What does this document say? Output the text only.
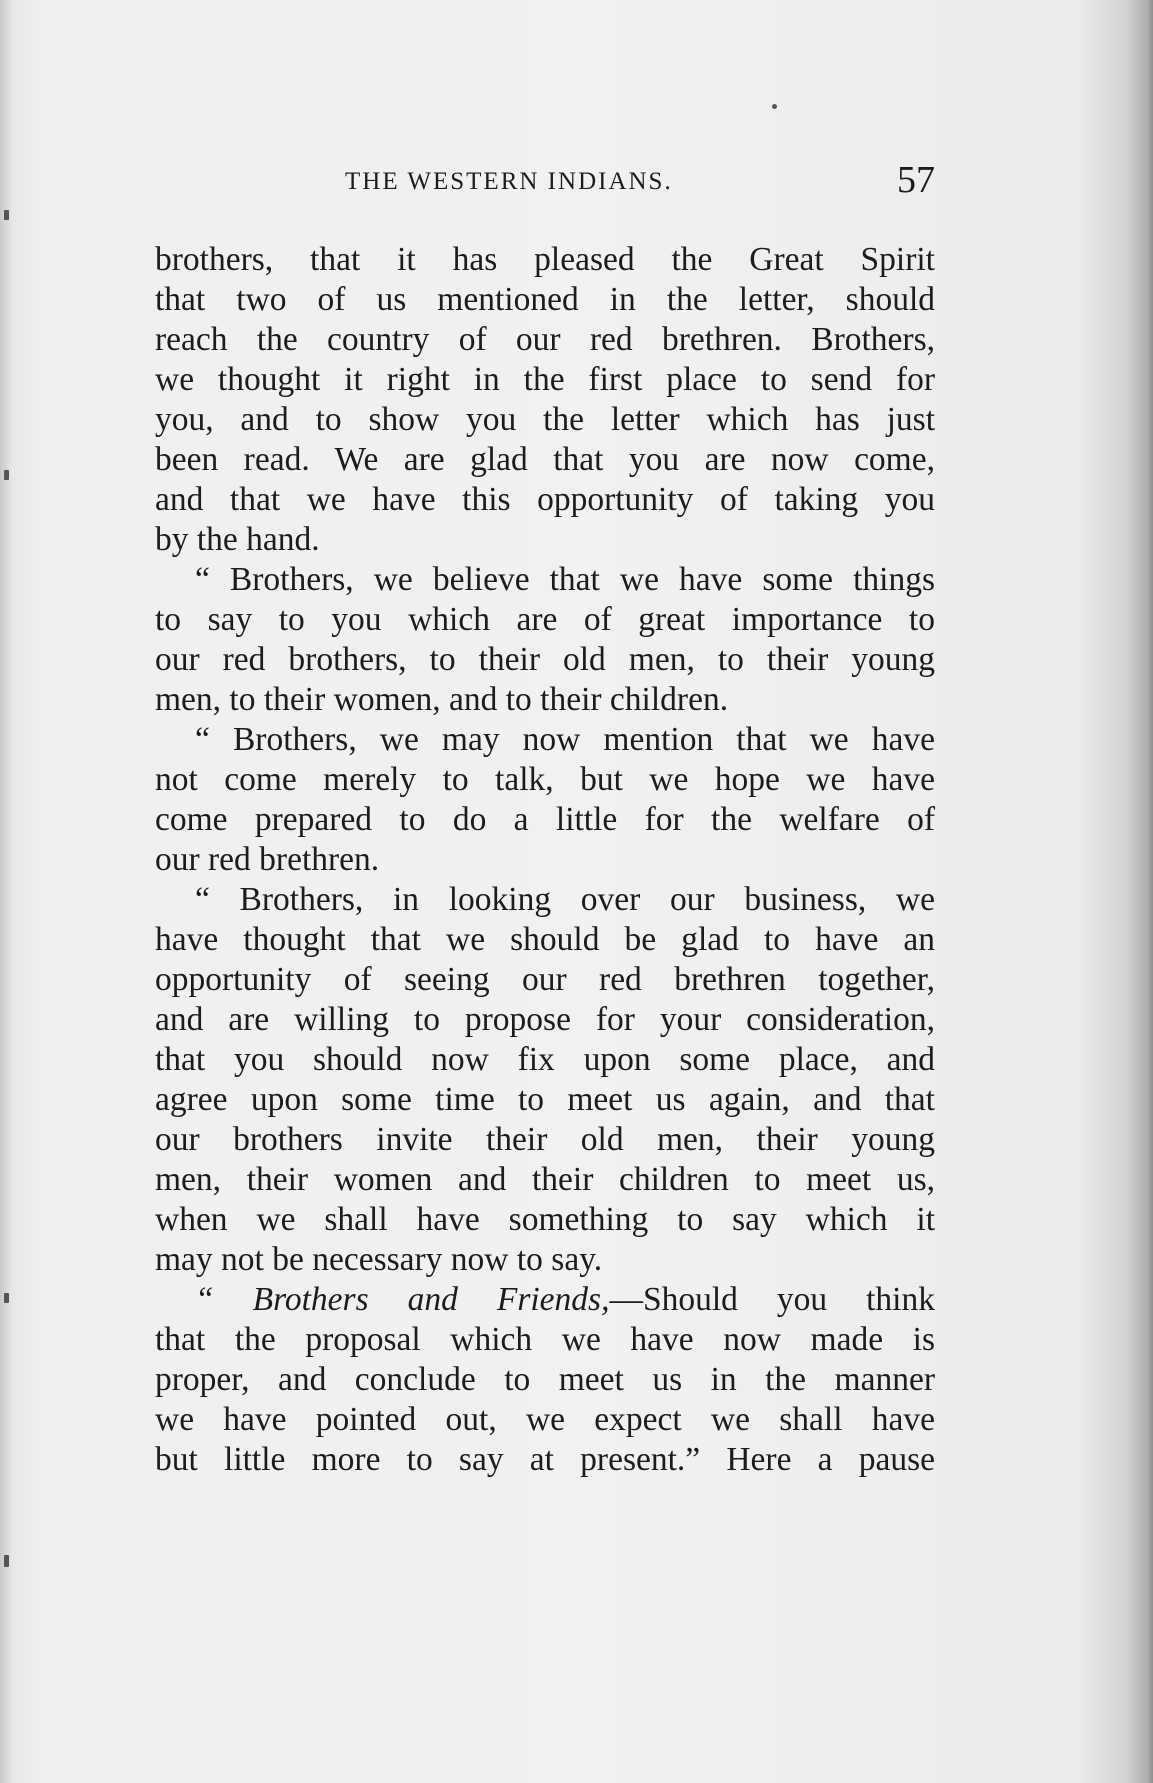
THE WESTERN INDIANS.	57
brothers, that it has pleased the Great Spirit
that two of us mentioned in the letter, should
reach the country of our red brethren. Brothers,
we thought it right in the first place to send for
you, and to show you the letter which has just
been read. We are glad that you are now come,
and that we have this opportunity of taking you
by the hand.
“ Brothers, we believe that we have some things
to say to you which are of great importance to
our red brothers, to their old men, to their young
men, to their women, and to their children.
“ Brothers, we may now mention that we have
not come merely to talk, but we hope we have
come prepared to do a little for the welfare of
our red brethren.
“ Brothers, in looking over our business, we
have thought that we should be glad to have an
opportunity of seeing our red brethren together,
and are willing to propose for your consideration,
that you should now fix upon some place, and
agree upon some time to meet us again, and that
our brothers invite their old men, their young
men, their women and their children to meet us,
when we shall have something to say which it
may not be necessary now to say.
“ Brothers and Friends,—Should you think
that the proposal which we have now made is
proper, and conclude to meet us in the manner
we have pointed out, we expect we shall have
but little more to say at present.” Here a pause
